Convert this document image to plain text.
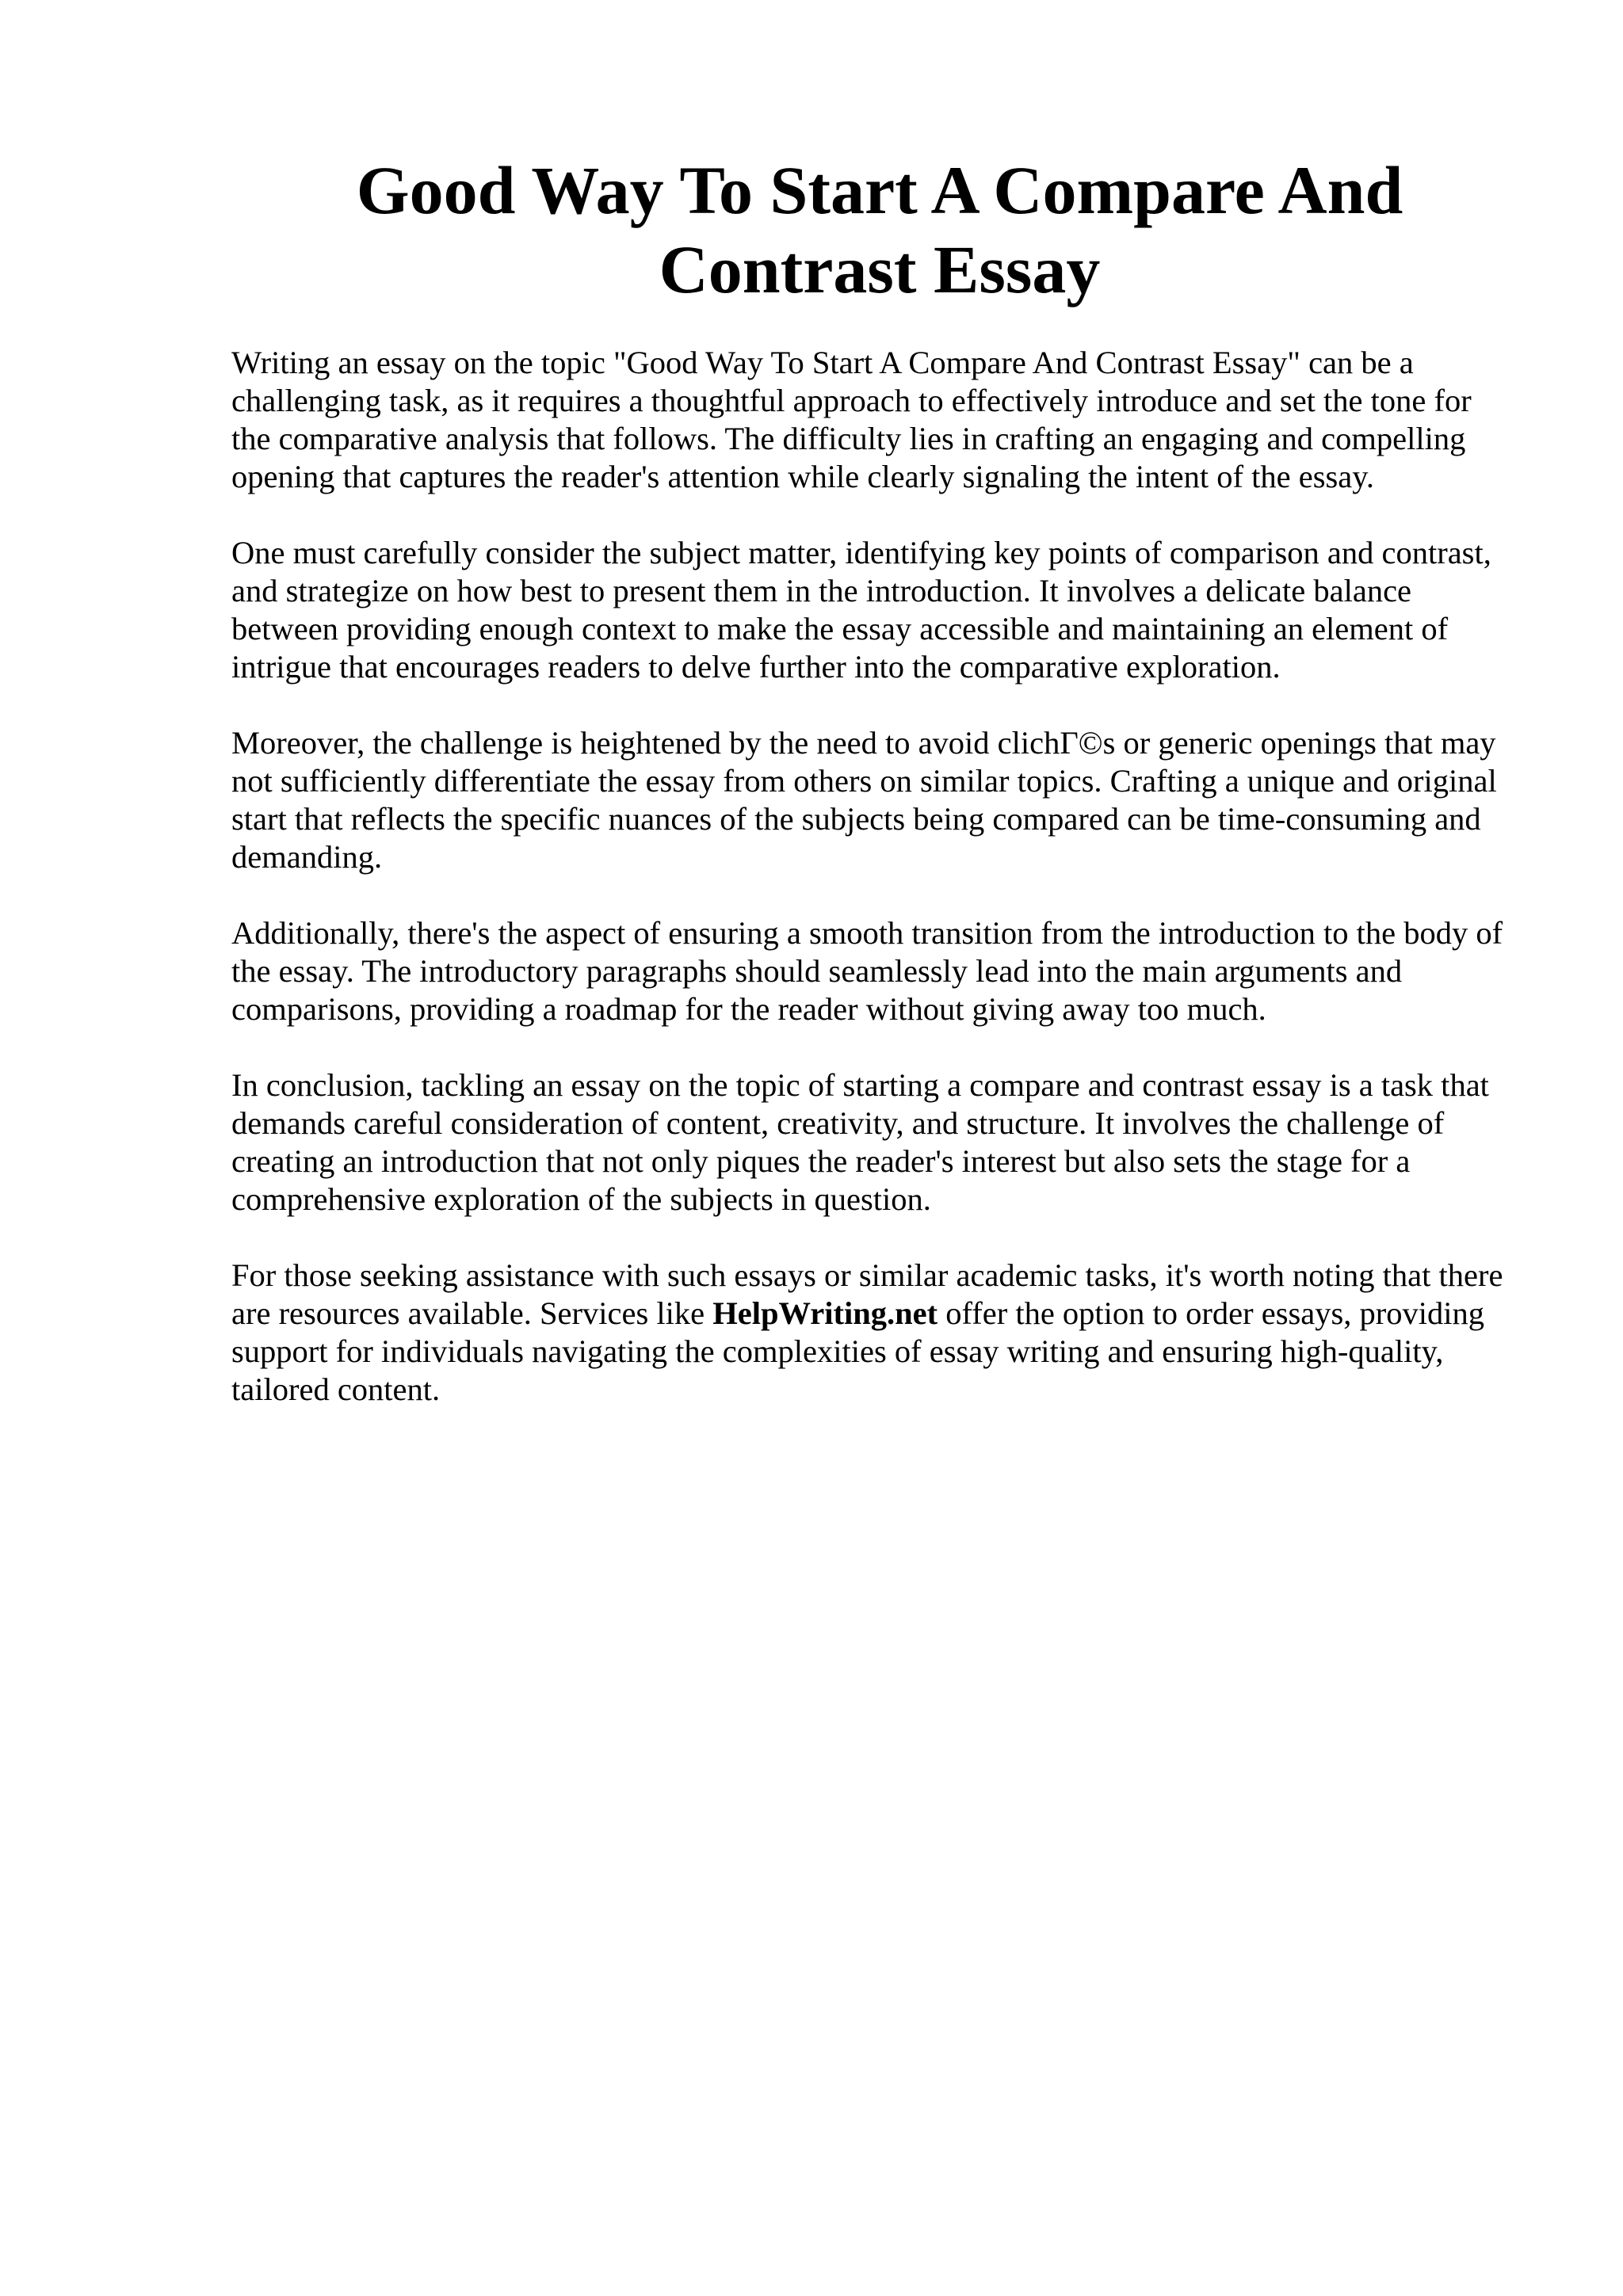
Good Way To Start A Compare And Contrast Essay

Writing an essay on the topic "Good Way To Start A Compare And Contrast Essay" can be a challenging task, as it requires a thoughtful approach to effectively introduce and set the tone for the comparative analysis that follows. The difficulty lies in crafting an engaging and compelling opening that captures the reader's attention while clearly signaling the intent of the essay.

One must carefully consider the subject matter, identifying key points of comparison and contrast, and strategize on how best to present them in the introduction. It involves a delicate balance between providing enough context to make the essay accessible and maintaining an element of intrigue that encourages readers to delve further into the comparative exploration.

Moreover, the challenge is heightened by the need to avoid clichГ©s or generic openings that may not sufficiently differentiate the essay from others on similar topics. Crafting a unique and original start that reflects the specific nuances of the subjects being compared can be time-consuming and demanding.

Additionally, there's the aspect of ensuring a smooth transition from the introduction to the body of the essay. The introductory paragraphs should seamlessly lead into the main arguments and comparisons, providing a roadmap for the reader without giving away too much.

In conclusion, tackling an essay on the topic of starting a compare and contrast essay is a task that demands careful consideration of content, creativity, and structure. It involves the challenge of creating an introduction that not only piques the reader's interest but also sets the stage for a comprehensive exploration of the subjects in question.

For those seeking assistance with such essays or similar academic tasks, it's worth noting that there are resources available. Services like HelpWriting.net offer the option to order essays, providing support for individuals navigating the complexities of essay writing and ensuring high-quality, tailored content.
